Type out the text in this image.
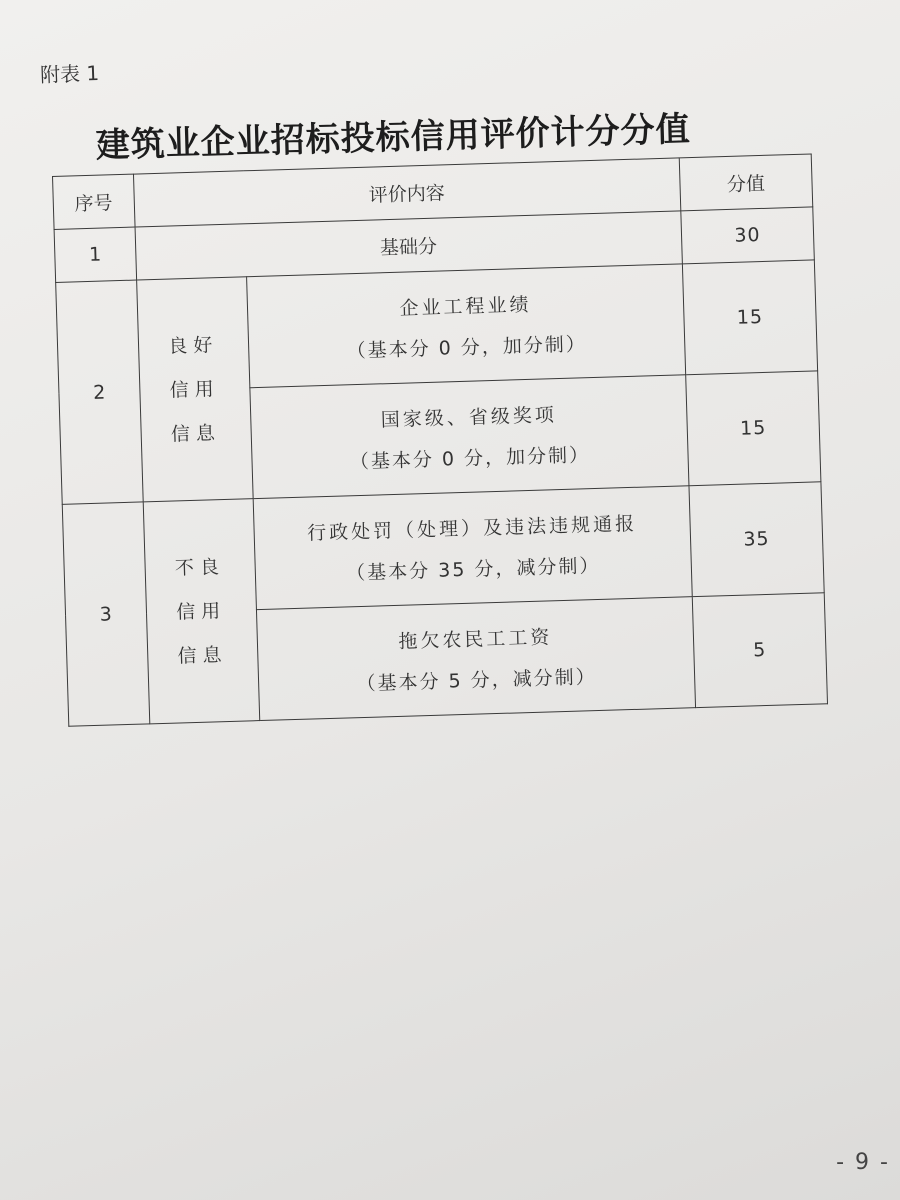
附表 1
建筑业企业招标投标信用评价计分分值
序号	评价内容		分值
1	基础分		30
2	良好信用信息	企业工程业绩
（基本分 0 分，加分制）	15

		国家级、省级奖项
（基本分 0 分，加分制）	15
3	不良信用信息	行政处罚（处理）及违法违规通报
（基本分 35 分，减分制）	35

		拖欠农民工工资
（基本分 5 分，减分制）	5
- 9 -
